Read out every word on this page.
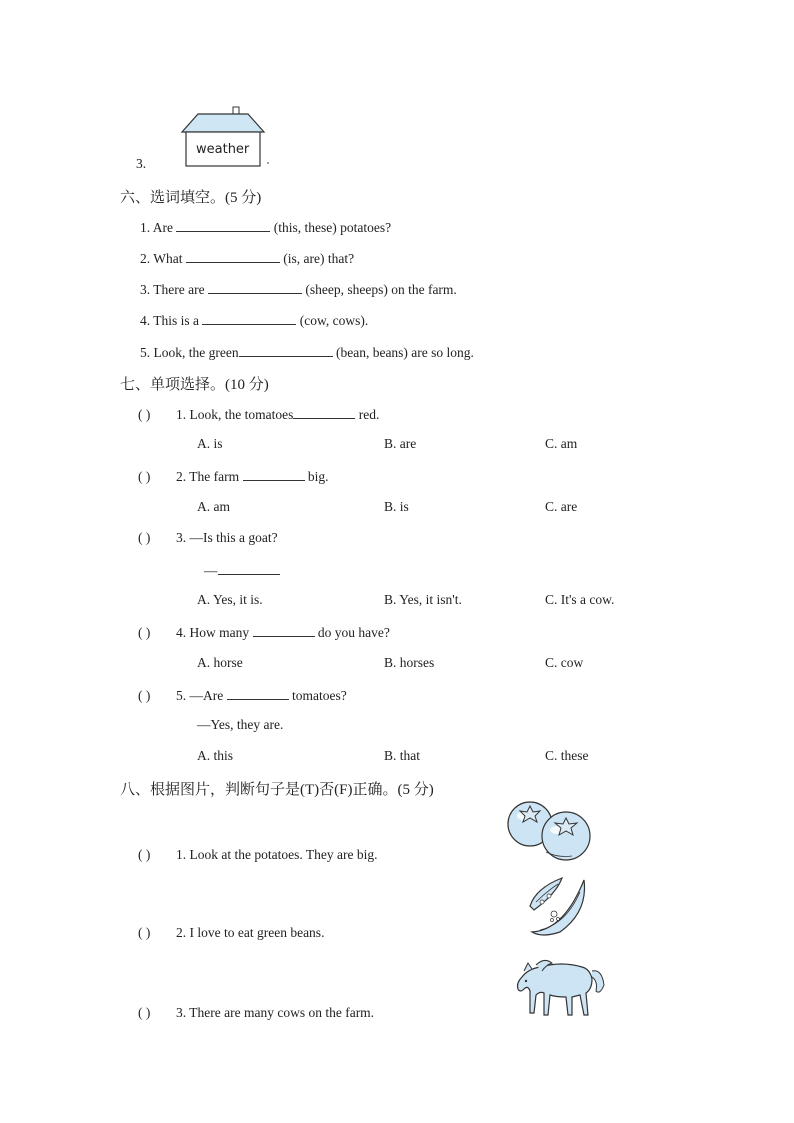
3.
weather
六、选词填空。(5 分)
1. Are	(this, these) potatoes?
2. What	(is, are) that?
3. There are	(sheep, sheeps) on the farm.
4. This is a	(cow, cows).
5. Look, the green	(bean, beans) are so long.
七、单项选择。(10 分)
( ) 1. Look, the tomatoes	red.
A. is	B. are	C. am
( ) 2. The farm	big.
A. am	B. is	C. are
( ) 3. —Is this a goat?
—
A. Yes, it is.	B. Yes, it isn't.	C. It's a cow.
( ) 4. How many	do you have?
A. horse	B. horses	C. cow
( ) 5. —Are	tomatoes?
—Yes, they are.
A. this	B. that	C. these
八、根据图片，判断句子是(T)否(F)正确。(5 分)
( ) 1. Look at the potatoes. They are big.
( ) 2. I love to eat green beans.
( ) 3. There are many cows on the farm.
